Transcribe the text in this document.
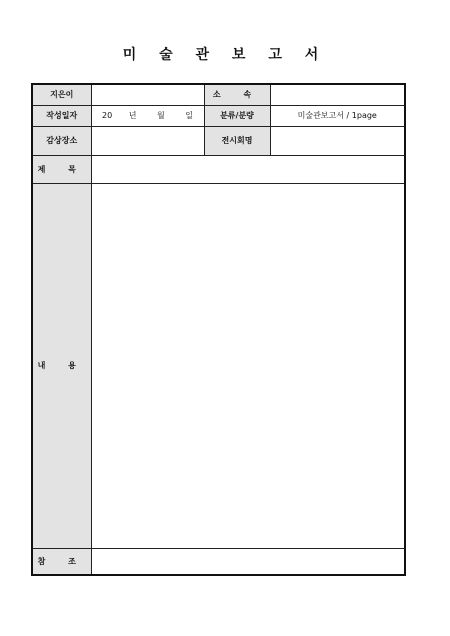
미 술 관 보 고 서
지은이		소 속	
작성일자	20 년 월 일	분류/분량	미술관보고서 / 1page
감상장소		전시회명	
제 목			
내 용			
참 조			
